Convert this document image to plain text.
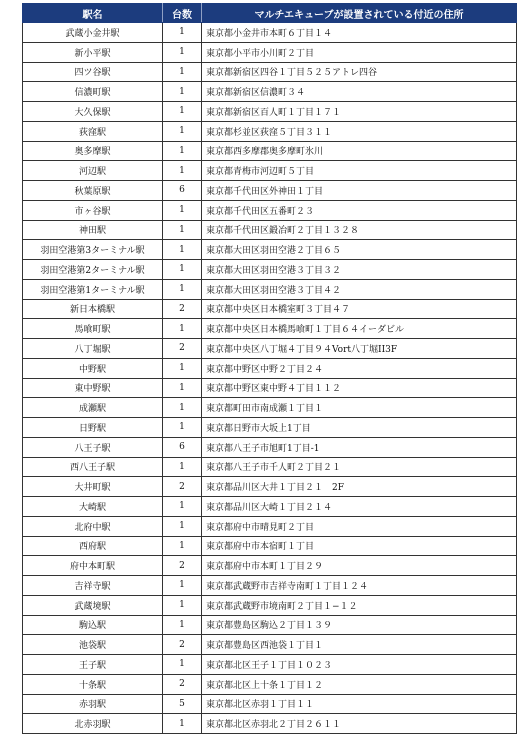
駅名	台数	マルチエキューブが設置されている付近の住所
武蔵小金井駅	1	東京都小金井市本町６丁目１４
新小平駅	1	東京都小平市小川町２丁目
四ツ谷駅	1	東京都新宿区四谷１丁目５２５アトレ四谷
信濃町駅	1	東京都新宿区信濃町３４
大久保駅	1	東京都新宿区百人町１丁目１７１
荻窪駅	1	東京都杉並区荻窪５丁目３１１
奥多摩駅	1	東京都西多摩郡奥多摩町氷川
河辺駅	1	東京都青梅市河辺町５丁目
秋葉原駅	6	東京都千代田区外神田１丁目
市ヶ谷駅	1	東京都千代田区五番町２３
神田駅	1	東京都千代田区鍛冶町２丁目１３２８
羽田空港第3ターミナル駅	1	東京都大田区羽田空港２丁目６５
羽田空港第2ターミナル駅	1	東京都大田区羽田空港３丁目３２
羽田空港第1ターミナル駅	1	東京都大田区羽田空港３丁目４２
新日本橋駅	2	東京都中央区日本橋室町３丁目４７
馬喰町駅	1	東京都中央区日本橋馬喰町１丁目６４イーダビル
八丁堀駅	2	東京都中央区八丁堀４丁目９４Vort八丁堀II3F
中野駅	1	東京都中野区中野２丁目２４
東中野駅	1	東京都中野区東中野４丁目１１２
成瀬駅	1	東京都町田市南成瀬１丁目１
日野駅	1	東京都日野市大坂上1丁目
八王子駅	6	東京都八王子市旭町1丁目-1
西八王子駅	1	東京都八王子市千人町２丁目２１
大井町駅	2	東京都品川区大井１丁目２１　2F
大崎駅	1	東京都品川区大崎１丁目２１４
北府中駅	1	東京都府中市晴見町２丁目
西府駅	1	東京都府中市本宿町１丁目
府中本町駅	2	東京都府中市本町１丁目２９
吉祥寺駅	1	東京都武蔵野市吉祥寺南町１丁目１２４
武蔵境駅	1	東京都武蔵野市境南町２丁目１−１２
駒込駅	1	東京都豊島区駒込２丁目１３９
池袋駅	2	東京都豊島区西池袋１丁目１
王子駅	1	東京都北区王子１丁目１０２３
十条駅	2	東京都北区上十条１丁目１２
赤羽駅	5	東京都北区赤羽１丁目１１
北赤羽駅	1	東京都北区赤羽北２丁目２６１１
